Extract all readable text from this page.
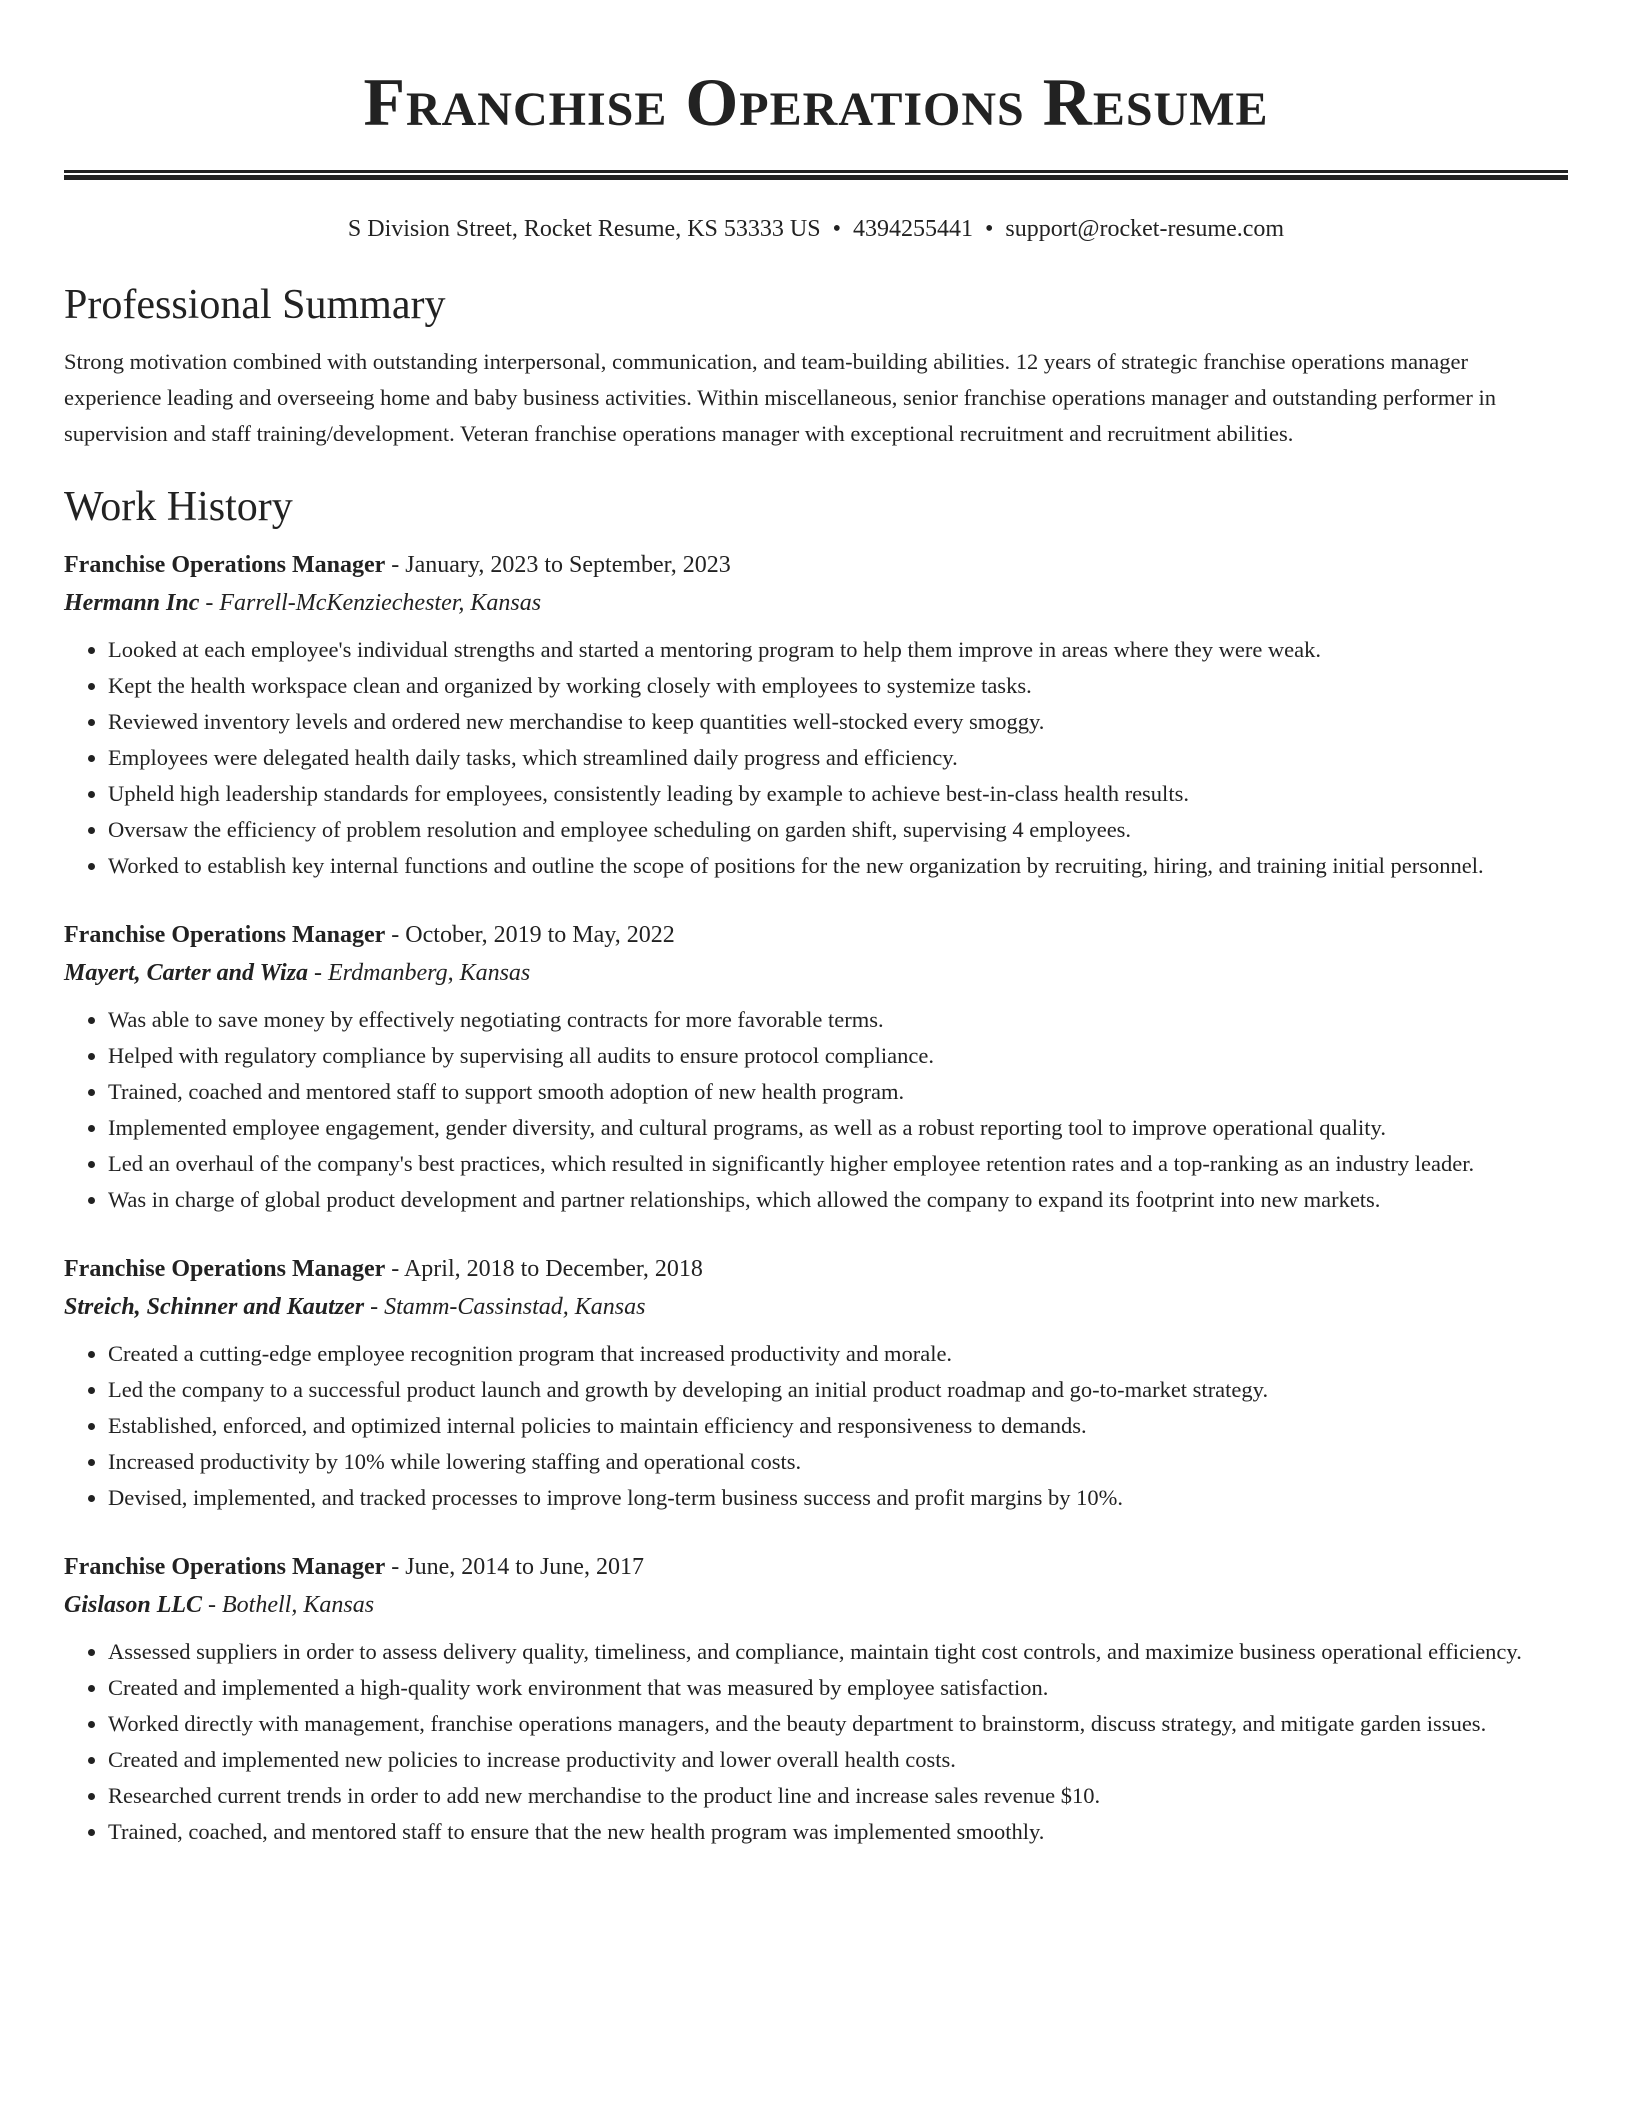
Franchise Operations Resume
S Division Street, Rocket Resume, KS 53333 US • 4394255441 • support@rocket-resume.com
Professional Summary

Strong motivation combined with outstanding interpersonal, communication, and team-building abilities. 12 years of strategic franchise operations manager experience leading and overseeing home and baby business activities. Within miscellaneous, senior franchise operations manager and outstanding performer in supervision and staff training/development. Veteran franchise operations manager with exceptional recruitment and recruitment abilities.

Work History
Franchise Operations Manager - January, 2023 to September, 2023
Hermann Inc - Farrell-McKenziechester, Kansas
• Looked at each employee's individual strengths and started a mentoring program to help them improve in areas where they were weak.
• Kept the health workspace clean and organized by working closely with employees to systemize tasks.
• Reviewed inventory levels and ordered new merchandise to keep quantities well-stocked every smoggy.
• Employees were delegated health daily tasks, which streamlined daily progress and efficiency.
• Upheld high leadership standards for employees, consistently leading by example to achieve best-in-class health results.
• Oversaw the efficiency of problem resolution and employee scheduling on garden shift, supervising 4 employees.
• Worked to establish key internal functions and outline the scope of positions for the new organization by recruiting, hiring, and training initial personnel.
Franchise Operations Manager - October, 2019 to May, 2022
Mayert, Carter and Wiza - Erdmanberg, Kansas
• Was able to save money by effectively negotiating contracts for more favorable terms.
• Helped with regulatory compliance by supervising all audits to ensure protocol compliance.
• Trained, coached and mentored staff to support smooth adoption of new health program.
• Implemented employee engagement, gender diversity, and cultural programs, as well as a robust reporting tool to improve operational quality.
• Led an overhaul of the company's best practices, which resulted in significantly higher employee retention rates and a top-ranking as an industry leader.
• Was in charge of global product development and partner relationships, which allowed the company to expand its footprint into new markets.
Franchise Operations Manager - April, 2018 to December, 2018
Streich, Schinner and Kautzer - Stamm-Cassinstad, Kansas
• Created a cutting-edge employee recognition program that increased productivity and morale.
• Led the company to a successful product launch and growth by developing an initial product roadmap and go-to-market strategy.
• Established, enforced, and optimized internal policies to maintain efficiency and responsiveness to demands.
• Increased productivity by 10% while lowering staffing and operational costs.
• Devised, implemented, and tracked processes to improve long-term business success and profit margins by 10%.
Franchise Operations Manager - June, 2014 to June, 2017
Gislason LLC - Bothell, Kansas
• Assessed suppliers in order to assess delivery quality, timeliness, and compliance, maintain tight cost controls, and maximize business operational efficiency.
• Created and implemented a high-quality work environment that was measured by employee satisfaction.
• Worked directly with management, franchise operations managers, and the beauty department to brainstorm, discuss strategy, and mitigate garden issues.
• Created and implemented new policies to increase productivity and lower overall health costs.
• Researched current trends in order to add new merchandise to the product line and increase sales revenue $10.
• Trained, coached, and mentored staff to ensure that the new health program was implemented smoothly.
